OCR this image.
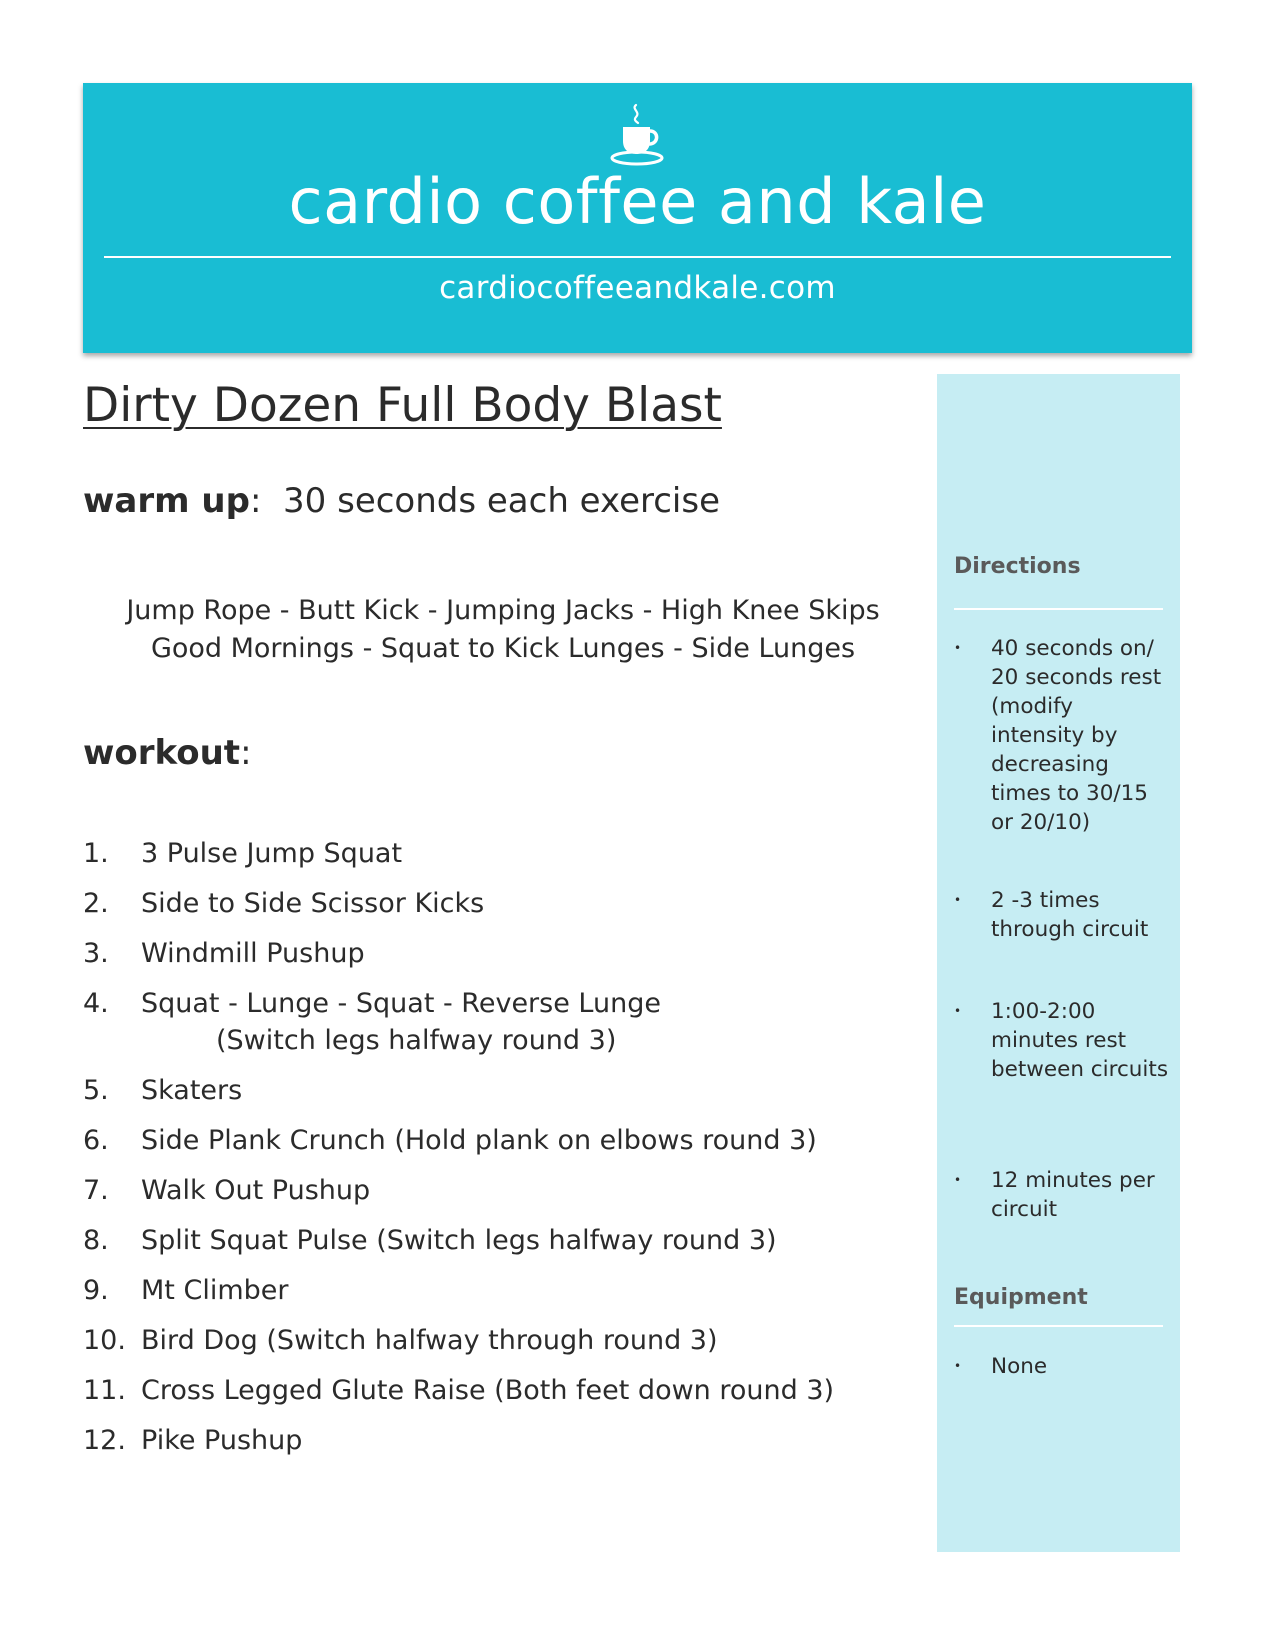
cardio coffee and kale
cardiocoffeeandkale.com
Dirty Dozen Full Body Blast
warm up: 30 seconds each exercise
Jump Rope - Butt Kick - Jumping Jacks - High Knee Skips
Good Mornings - Squat to Kick Lunges - Side Lunges
workout:
1.	3 Pulse Jump Squat
2.	Side to Side Scissor Kicks
3.	Windmill Pushup
4.	Squat - Lunge - Squat - Reverse Lunge
(Switch legs halfway round 3)
5.	Skaters
6.	Side Plank Crunch (Hold plank on elbows round 3)
7.	Walk Out Pushup
8.	Split Squat Pulse (Switch legs halfway round 3)
9.	Mt Climber
10. Bird Dog (Switch halfway through round 3)
11. Cross Legged Glute Raise (Both feet down round 3)
12. Pike Pushup
Directions
• 40 seconds on/ 20 seconds rest (modify intensity by decreasing times to 30/15 or 20/10)
• 2 -3 times through circuit
• 1:00-2:00 minutes rest between circuits
• 12 minutes per circuit
Equipment
• None
